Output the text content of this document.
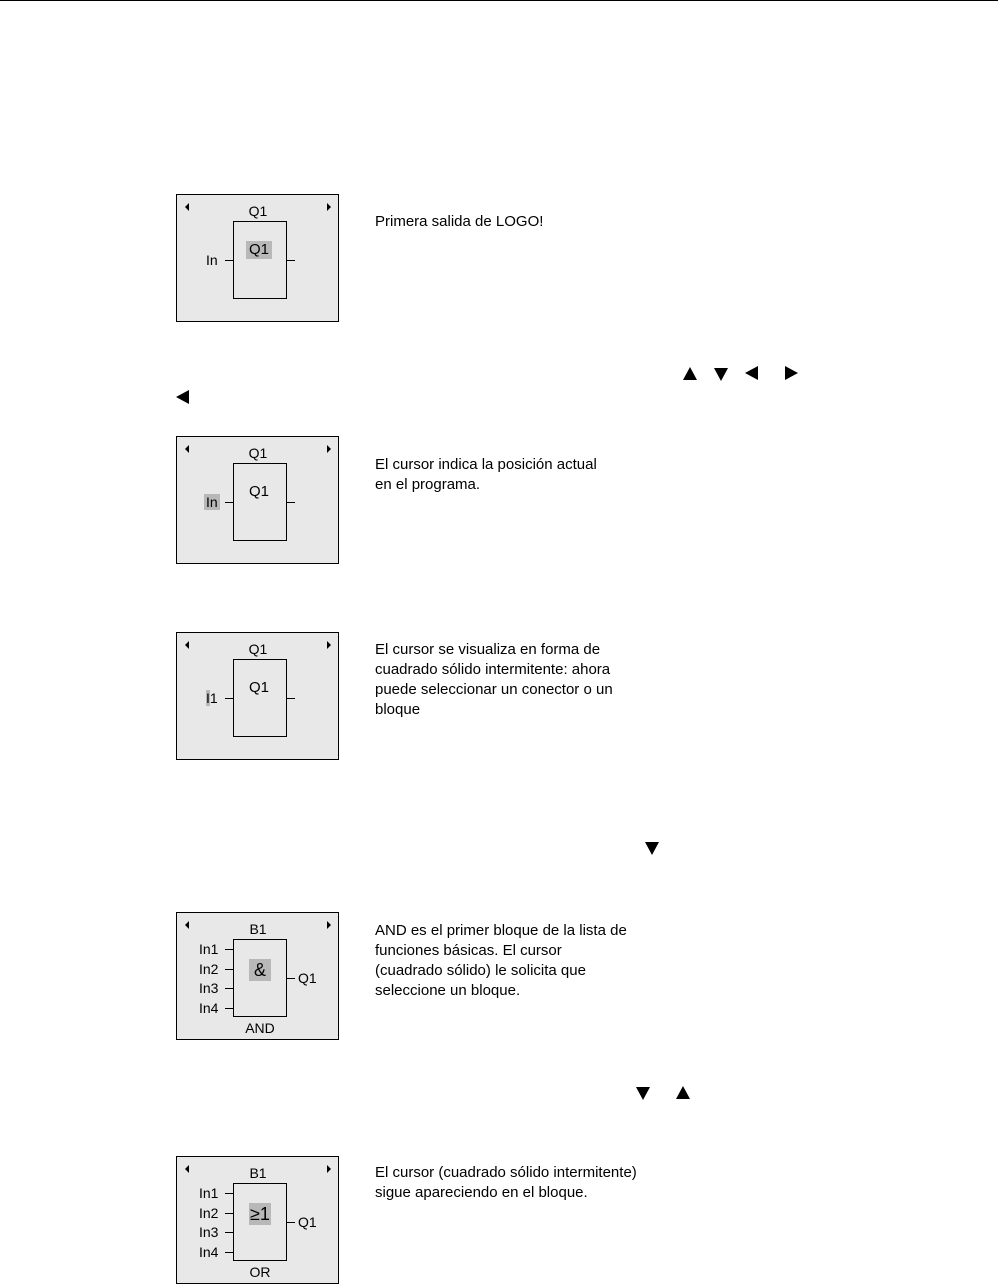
Q1
Q1
In
Primera salida de LOGO!
Q1
Q1
In
El cursor indica la posición actual
en el programa.
Q1
Q1
I1
El cursor se visualiza en forma de
cuadrado sólido intermitente: ahora
puede seleccionar un conector o un
bloque
B1
In1
In2
In3
In4
&	Q1
AND
AND es el primer bloque de la lista de
funciones básicas. El cursor
(cuadrado sólido) le solicita que
seleccione un bloque.
B1
In1
In2
In3
In4
≥1 Q1
OR
El cursor (cuadrado sólido intermitente)
sigue apareciendo en el bloque.
